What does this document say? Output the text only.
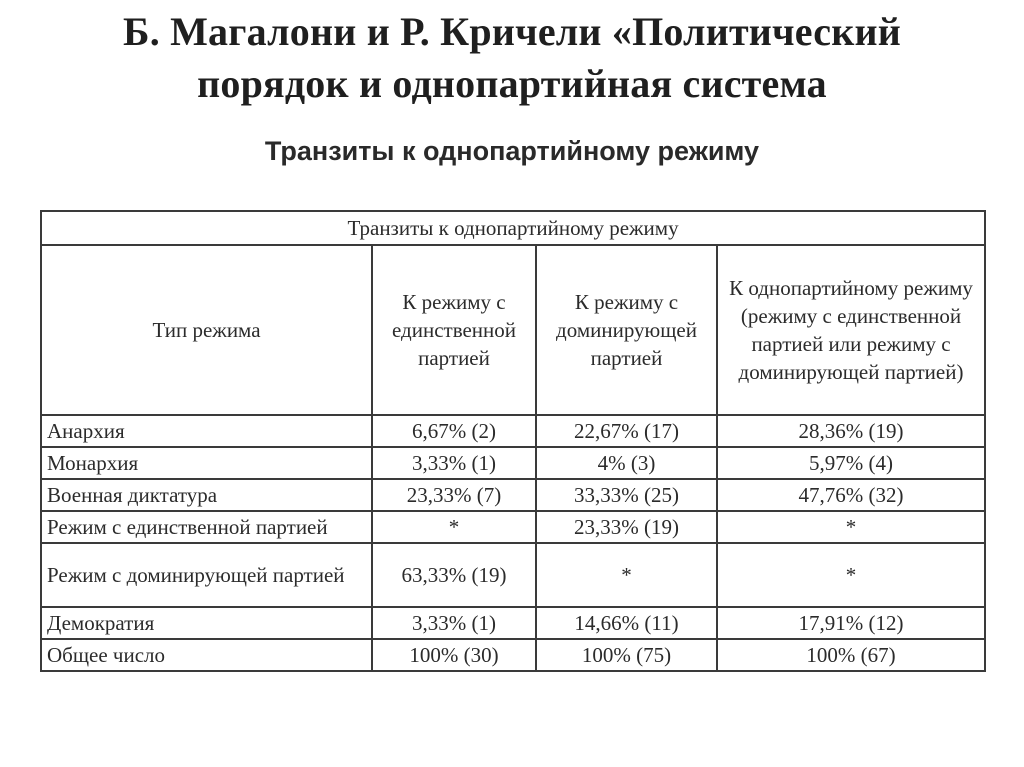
Б. Магалони и Р. Кричели «Политический
порядок и однопартийная система
Транзиты к однопартийному режиму
Транзиты к однопартийному режиму			
Тип режима	К режиму с единственной партией	К режиму с доминирующей партией	К однопартийному режиму (режиму с единственной партией или режиму с доминирующей партией)
Анархия	6,67% (2)	22,67% (17)	28,36% (19)
Монархия	3,33% (1)	4% (3)	5,97% (4)
Военная диктатура	23,33% (7)	33,33% (25)	47,76% (32)
Режим с единственной партией	*	23,33% (19)	*
Режим с доминирующей партией	63,33% (19)	*	*
Демократия	3,33% (1)	14,66% (11)	17,91% (12)
Общее число	100% (30)	100% (75)	100% (67)
